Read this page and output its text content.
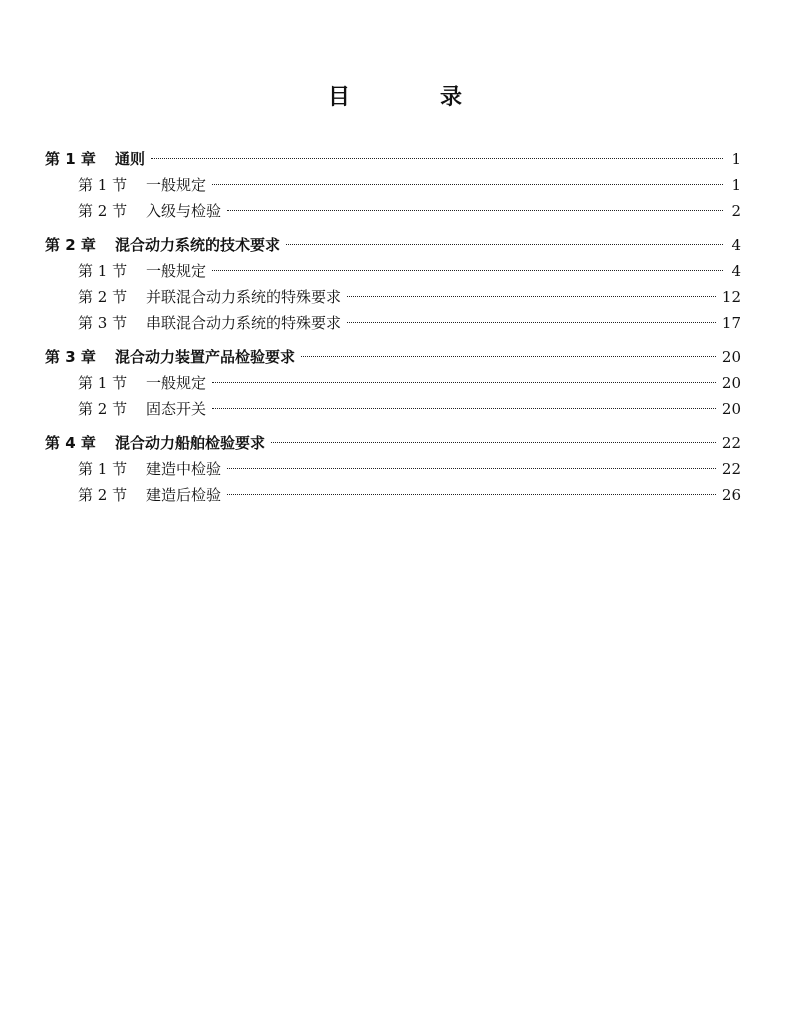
目　录
第 1 章	通则	1
第 1 节	一般规定	1
第 2 节	入级与检验	2
第 2 章	混合动力系统的技术要求	4
第 1 节	一般规定	4
第 2 节	并联混合动力系统的特殊要求	12
第 3 节	串联混合动力系统的特殊要求	17
第 3 章	混合动力装置产品检验要求	20
第 1 节	一般规定	20
第 2 节	固态开关	20
第 4 章	混合动力船舶检验要求	22
第 1 节	建造中检验	22
第 2 节	建造后检验	26
